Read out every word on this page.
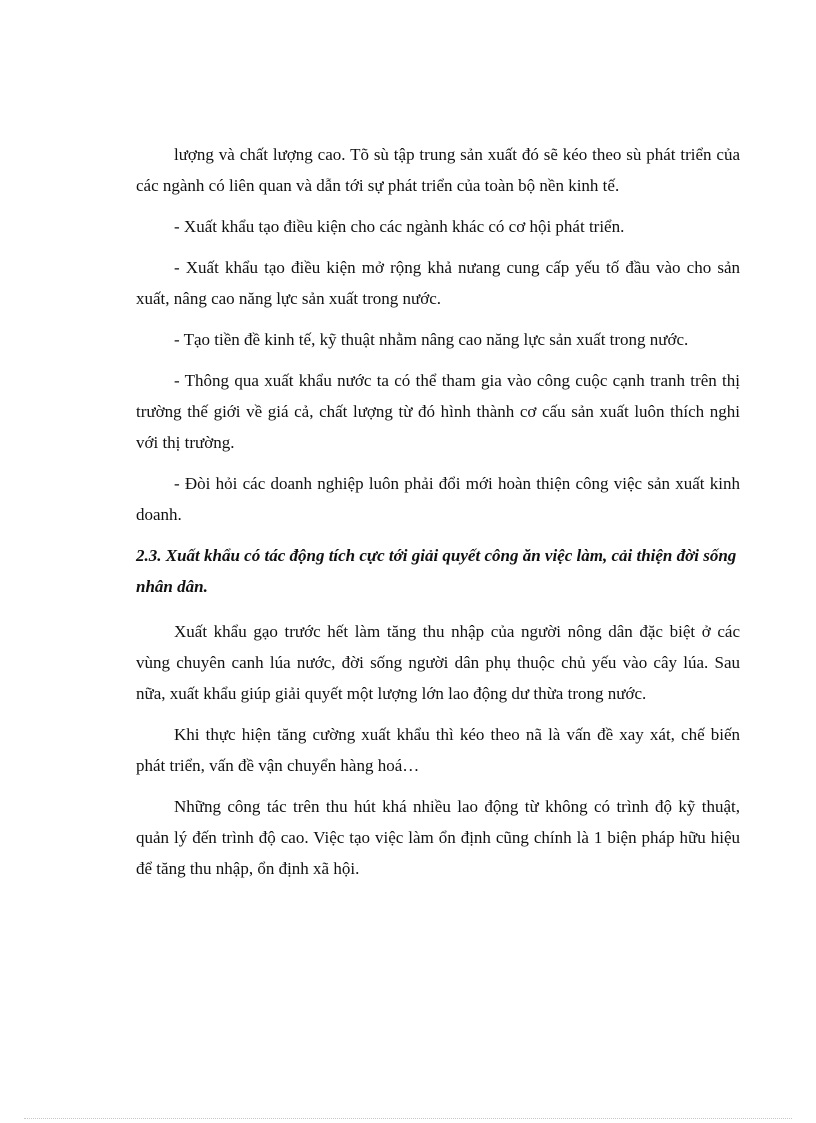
lượng và chất lượng cao. Tõ sù tập trung sản xuất đó sẽ kéo theo sù phát triển của các ngành có liên quan và dẫn tới sự phát triển của toàn bộ nền kinh tế.

- Xuất khẩu tạo điều kiện cho các ngành khác có cơ hội phát triển.

- Xuất khẩu tạo điều kiện mở rộng khả nưang cung cấp yếu tố đầu vào cho sản xuất, nâng cao năng lực sản xuất trong nước.

- Tạo tiền đề kinh tế, kỹ thuật nhằm nâng cao năng lực sản xuất trong nước.

- Thông qua xuất khẩu nước ta có thể tham gia vào công cuộc cạnh tranh trên thị trường thế giới về giá cả, chất lượng từ đó hình thành cơ cấu sản xuất luôn thích nghi với thị trường.

- Đòi hỏi các doanh nghiệp luôn phải đổi mới hoàn thiện công việc sản xuất kinh doanh.

2.3. Xuất khẩu có tác động tích cực tới giải quyết công ăn việc làm, cải thiện đời sống nhân dân.

Xuất khẩu gạo trước hết làm tăng thu nhập của người nông dân đặc biệt ở các vùng chuyên canh lúa nước, đời sống người dân phụ thuộc chủ yếu vào cây lúa. Sau nữa, xuất khẩu giúp giải quyết một lượng lớn lao động dư thừa trong nước.

Khi thực hiện tăng cường xuất khẩu thì kéo theo nã là vấn đề xay xát, chế biến phát triển, vấn đề vận chuyển hàng hoá…

Những công tác trên thu hút khá nhiều lao động từ không có trình độ kỹ thuật, quản lý đến trình độ cao. Việc tạo việc làm ổn định cũng chính là 1 biện pháp hữu hiệu để tăng thu nhập, ổn định xã hội.
